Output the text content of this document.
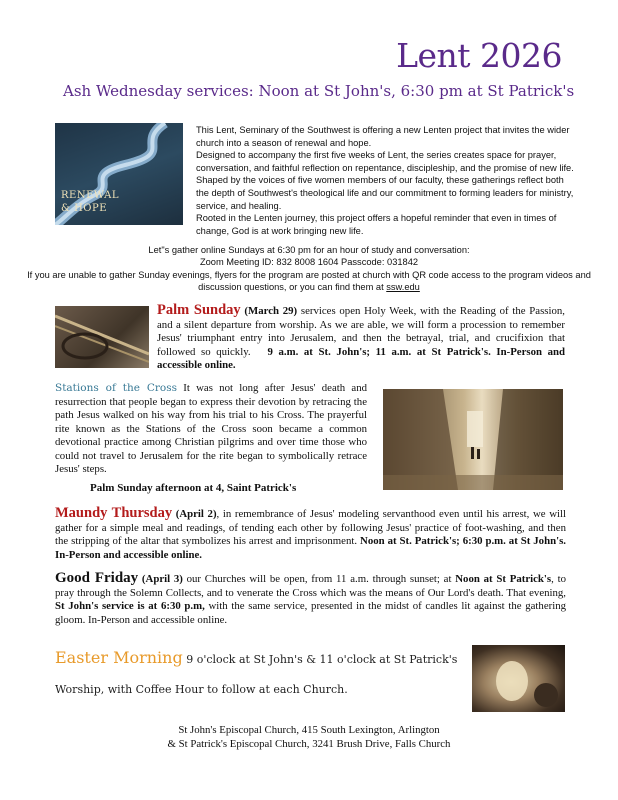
Lent 2026
Ash Wednesday services: Noon at St John's, 6:30 pm at St Patrick's
RENEWAL
& HOPE

This Lent, Seminary of the Southwest is offering a new Lenten project that invites the wider church into a season of renewal and hope.

Designed to accompany the first five weeks of Lent, the series creates space for prayer, conversation, and faithful reflection on repentance, discipleship, and the promise of new life. Shaped by the voices of five women members of our faculty, these gatherings reflect both the depth of Southwest's theological life and our commitment to forming leaders for ministry, service, and healing.

Rooted in the Lenten journey, this project offers a hopeful reminder that even in times of change, God is at work bringing new life.

Let"s gather online Sundays at 6:30 pm for an hour of study and conversation:

Zoom Meeting ID: 832 8008 1604 Passcode: 031842

If you are unable to gather Sunday evenings, flyers for the program are posted at church with QR code access to the program videos and discussion questions, or you can find them at ssw.edu

Palm Sunday (March 29) services open Holy Week, with the Reading of the Passion, and a silent departure from worship. As we are able, we will form a procession to remember Jesus' triumphant entry into Jerusalem, and then the betrayal, trial, and crucifixion that followed so quickly. 9 a.m. at St. John's; 11 a.m. at St Patrick's. In-Person and accessible online.
Stations of the Cross It was not long after Jesus' death and resurrection that people began to express their devotion by retracing the path Jesus walked on his way from his trial to his Cross. The prayerful rite known as the Stations of the Cross soon became a common devotional practice among Christian pilgrims and over time those who could not travel to Jerusalem for the rite began to symbolically retrace Jesus' steps.
Palm Sunday afternoon at 4, Saint Patrick's
Maundy Thursday (April 2), in remembrance of Jesus' modeling servanthood even until his arrest, we will gather for a simple meal and readings, of tending each other by following Jesus' practice of foot-washing, and then the stripping of the altar that symbolizes his arrest and imprisonment. Noon at St. Patrick's; 6:30 p.m. at St John's. In-Person and accessible online.
Good Friday (April 3) our Churches will be open, from 11 a.m. through sunset; at Noon at St Patrick's, to pray through the Solemn Collects, and to venerate the Cross which was the means of Our Lord's death. That evening, St John's service is at 6:30 p.m, with the same service, presented in the midst of candles lit against the gathering gloom. In-Person and accessible online.
Easter Morning 9 o'clock at St John's & 11 o'clock at St Patrick's
Worship, with Coffee Hour to follow at each Church.

St John's Episcopal Church, 415 South Lexington, Arlington

& St Patrick's Episcopal Church, 3241 Brush Drive, Falls Church
